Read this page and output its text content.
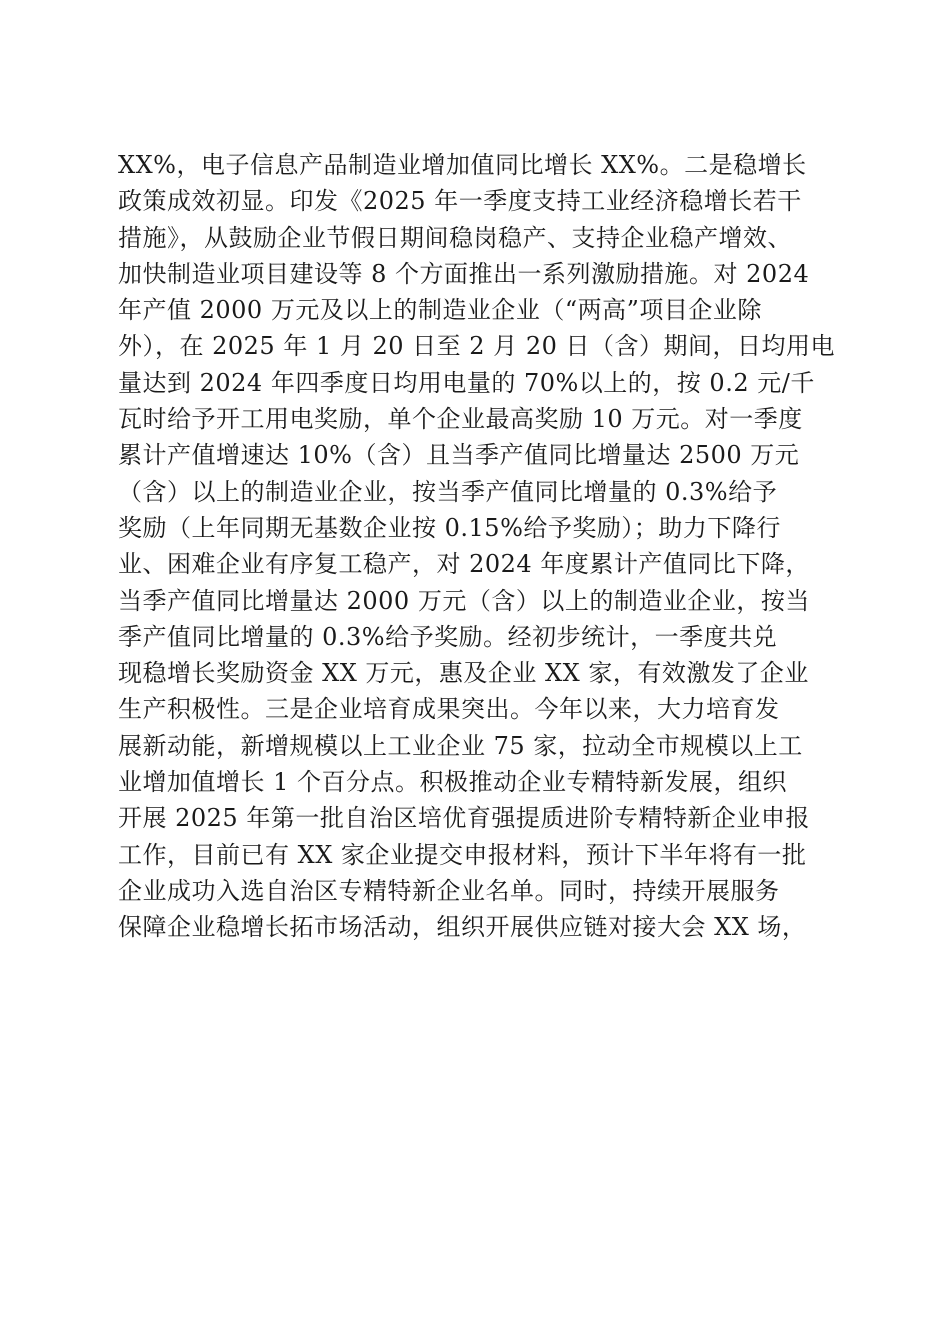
XX%，电子信息产品制造业增加值同比增长 XX%。二是稳增长
政策成效初显。印发《2025 年一季度支持工业经济稳增长若干
措施》，从鼓励企业节假日期间稳岗稳产、支持企业稳产增效、
加快制造业项目建设等 8 个方面推出一系列激励措施。对 2024
年产值 2000 万元及以上的制造业企业（“两高”项目企业除
外），在 2025 年 1 月 20 日至 2 月 20 日（含）期间，日均用电
量达到 2024 年四季度日均用电量的 70%以上的，按 0.2 元/千
瓦时给予开工用电奖励，单个企业最高奖励 10 万元。对一季度
累计产值增速达 10%（含）且当季产值同比增量达 2500 万元
（含）以上的制造业企业，按当季产值同比增量的 0.3%给予
奖励（上年同期无基数企业按 0.15%给予奖励）；助力下降行
业、困难企业有序复工稳产，对 2024 年度累计产值同比下降，
当季产值同比增量达 2000 万元（含）以上的制造业企业，按当
季产值同比增量的 0.3%给予奖励。经初步统计，一季度共兑
现稳增长奖励资金 XX 万元，惠及企业 XX 家，有效激发了企业
生产积极性。三是企业培育成果突出。今年以来，大力培育发
展新动能，新增规模以上工业企业 75 家，拉动全市规模以上工
业增加值增长 1 个百分点。积极推动企业专精特新发展，组织
开展 2025 年第一批自治区培优育强提质进阶专精特新企业申报
工作，目前已有 XX 家企业提交申报材料，预计下半年将有一批
企业成功入选自治区专精特新企业名单。同时，持续开展服务
保障企业稳增长拓市场活动，组织开展供应链对接大会 XX 场，
